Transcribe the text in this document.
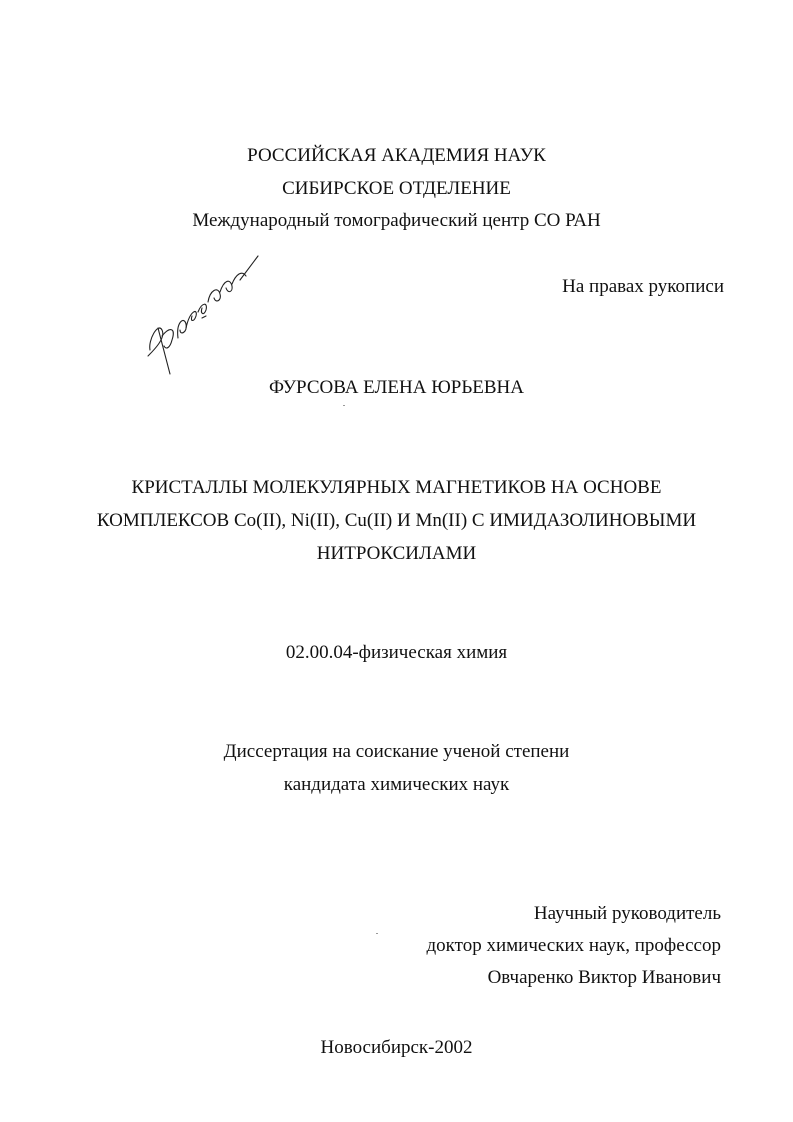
РОССИЙСКАЯ АКАДЕМИЯ НАУК
СИБИРСКОЕ ОТДЕЛЕНИЕ
Международный томографический центр СО РАН
На правах рукописи
Фурсова
ФУРСОВА ЕЛЕНА ЮРЬЕВНА
КРИСТАЛЛЫ МОЛЕКУЛЯРНЫХ МАГНЕТИКОВ НА ОСНОВЕ
КОМПЛЕКСОВ Co(II), Ni(II), Cu(II) И Mn(II) С ИМИДАЗОЛИНОВЫМИ
НИТРОКСИЛАМИ
02.00.04-физическая химия
Диссертация на соискание ученой степени
кандидата химических наук
Научный руководитель
доктор химических наук, профессор
Овчаренко Виктор Иванович
Новосибирск-2002
